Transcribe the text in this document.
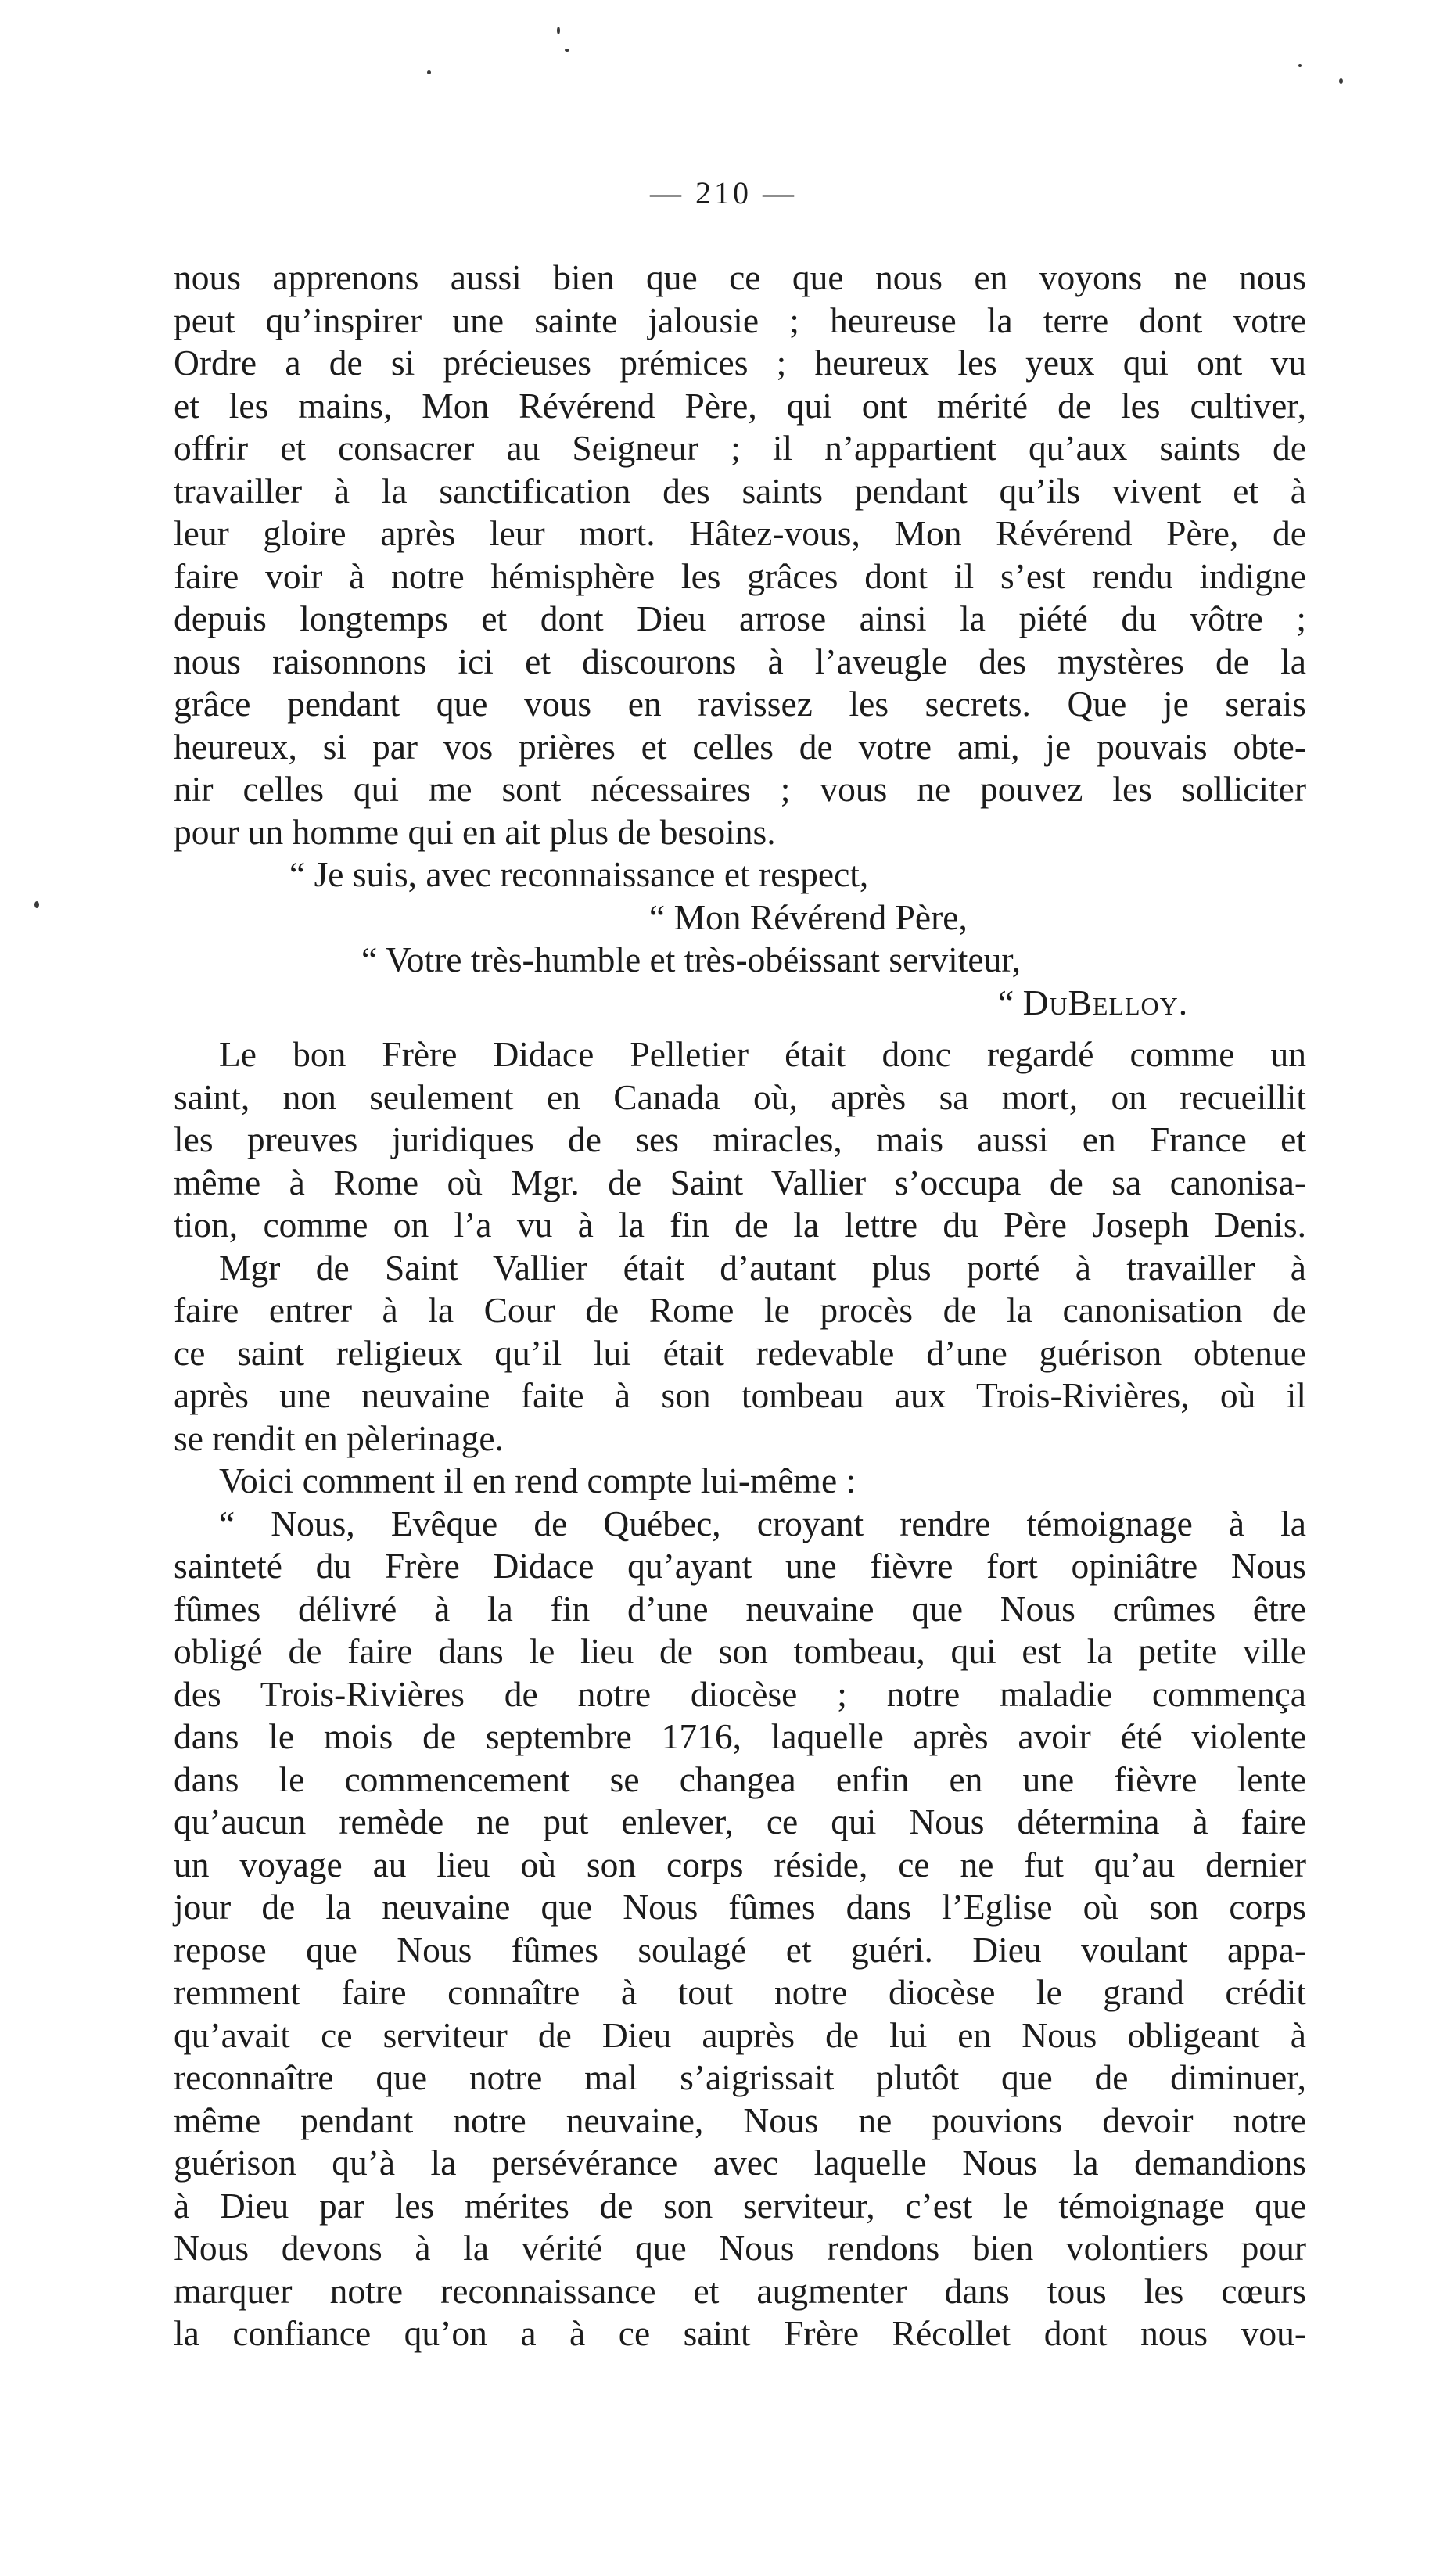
— 210 —
nous apprenons aussi bien que ce que nous en voyons ne nous
peut qu’inspirer une sainte jalousie ; heureuse la terre dont votre
Ordre a de si précieuses prémices ; heureux les yeux qui ont vu
et les mains, Mon Révérend Père, qui ont mérité de les cultiver,
offrir et consacrer au Seigneur ; il n’appartient qu’aux saints de
travailler à la sanctification des saints pendant qu’ils vivent et à
leur gloire après leur mort. Hâtez-vous, Mon Révérend Père, de
faire voir à notre hémisphère les grâces dont il s’est rendu indigne
depuis longtemps et dont Dieu arrose ainsi la piété du vôtre ;
nous raisonnons ici et discourons à l’aveugle des mystères de la
grâce pendant que vous en ravissez les secrets. Que je serais
heureux, si par vos prières et celles de votre ami, je pouvais obte-
nir celles qui me sont nécessaires ; vous ne pouvez les solliciter
pour un homme qui en ait plus de besoins.
“ Je suis, avec reconnaissance et respect,
“ Mon Révérend Père,
“ Votre très-humble et très-obéissant serviteur,
“ DuBelloy.
Le bon Frère Didace Pelletier était donc regardé comme un
saint, non seulement en Canada où, après sa mort, on recueillit
les preuves juridiques de ses miracles, mais aussi en France et
même à Rome où Mgr. de Saint Vallier s’occupa de sa canonisa-
tion, comme on l’a vu à la fin de la lettre du Père Joseph Denis.
Mgr de Saint Vallier était d’autant plus porté à travailler à
faire entrer à la Cour de Rome le procès de la canonisation de
ce saint religieux qu’il lui était redevable d’une guérison obtenue
après une neuvaine faite à son tombeau aux Trois-Rivières, où il
se rendit en pèlerinage.
Voici comment il en rend compte lui-même :
“ Nous, Evêque de Québec, croyant rendre témoignage à la
sainteté du Frère Didace qu’ayant une fièvre fort opiniâtre Nous
fûmes délivré à la fin d’une neuvaine que Nous crûmes être
obligé de faire dans le lieu de son tombeau, qui est la petite ville
des Trois-Rivières de notre diocèse ; notre maladie commença
dans le mois de septembre 1716, laquelle après avoir été violente
dans le commencement se changea enfin en une fièvre lente
qu’aucun remède ne put enlever, ce qui Nous détermina à faire
un voyage au lieu où son corps réside, ce ne fut qu’au dernier
jour de la neuvaine que Nous fûmes dans l’Eglise où son corps
repose que Nous fûmes soulagé et guéri. Dieu voulant appa-
remment faire connaître à tout notre diocèse le grand crédit
qu’avait ce serviteur de Dieu auprès de lui en Nous obligeant à
reconnaître que notre mal s’aigrissait plutôt que de diminuer,
même pendant notre neuvaine, Nous ne pouvions devoir notre
guérison qu’à la persévérance avec laquelle Nous la demandions
à Dieu par les mérites de son serviteur, c’est le témoignage que
Nous devons à la vérité que Nous rendons bien volontiers pour
marquer notre reconnaissance et augmenter dans tous les cœurs
la confiance qu’on a à ce saint Frère Récollet dont nous vou-
